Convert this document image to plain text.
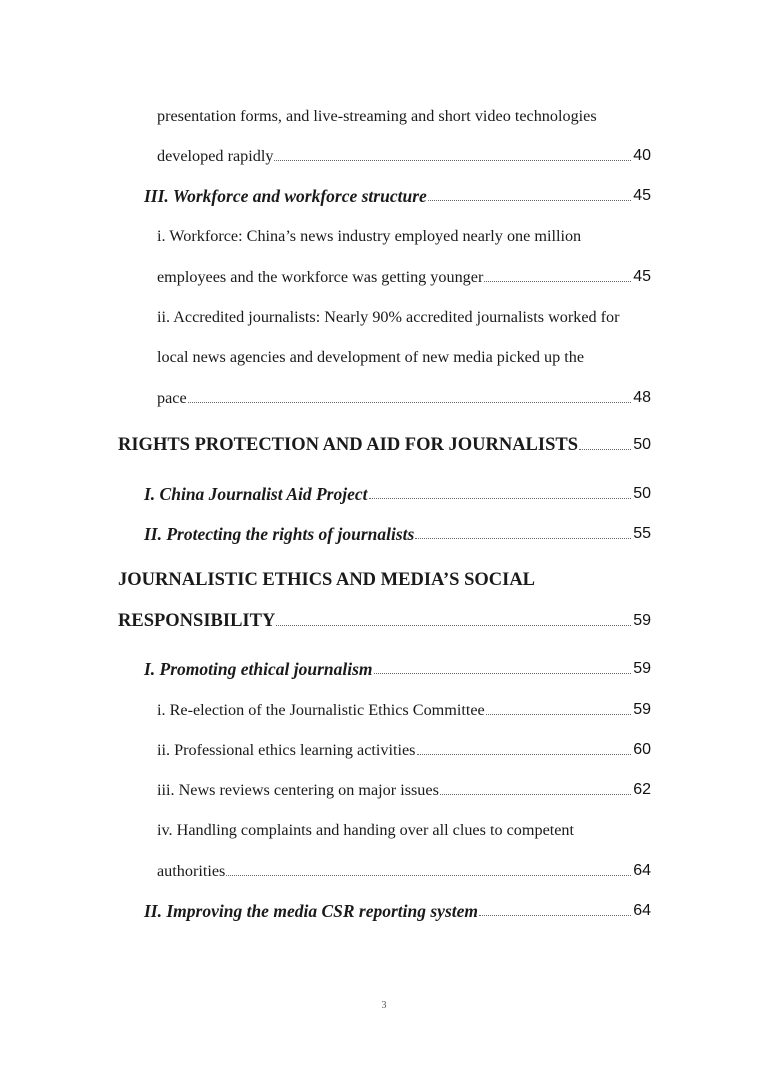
presentation forms, and live-streaming and short video technologies
developed rapidly	40
III. Workforce and workforce structure	45
i. Workforce: China’s news industry employed nearly one million
employees and the workforce was getting younger	45
ii. Accredited journalists: Nearly 90% accredited journalists worked for
local news agencies and development of new media picked up the
pace	48
RIGHTS PROTECTION AND AID FOR JOURNALISTS	50
I. China Journalist Aid Project	50
II. Protecting the rights of journalists	55
JOURNALISTIC ETHICS AND MEDIA’S SOCIAL
RESPONSIBILITY	59
I. Promoting ethical journalism	59
i. Re-election of the Journalistic Ethics Committee	59
ii. Professional ethics learning activities	60
iii. News reviews centering on major issues	62
iv. Handling complaints and handing over all clues to competent
authorities	64
II. Improving the media CSR reporting system	64
3
